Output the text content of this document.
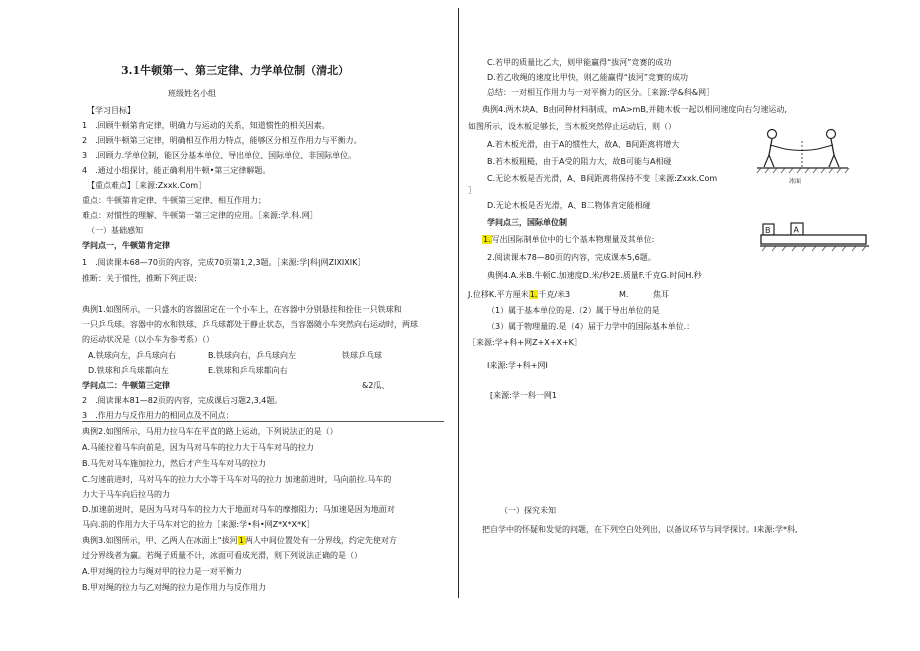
3.1牛顿第一、第三定律、力学单位制（清北）
班级姓名小组
【学习目标】
1　.回顾牛顿第肯定律，明确力与运动的关系，知道惯性的相关因素。
2　.回顾牛顿第三定律，明确相互作用力特点，能够区分相互作用力与平衡力。
3　.回顾力.学单位制，能区分基本单位、导出单位、国际单位、非国际单位。
4　.通过小组探讨，能正确利用牛顿•第三定律解题。
【重点难点】［来源:Zxxk.Com］
重点：牛顿第肯定律、牛顿第三定律、相互作用力；
难点：对惯性的理解、牛顿第一第三定律的应用。［来源:学.科.网］
（一）基础感知
学问点一，牛顿第肯定律
1　.阅读课本68—70页的内容，完成70页第1,2,3题。［来源:学|科|网ZIXIXIK］
推断：关于惯性，推断下列正误:
典例1.如图所示，一只盛水的容器固定在一个小车上，在容器中分别悬挂和拴住一只铁球和
一只乒乓球。容器中的水和铁球、乒乓球都处于静止状态，当容器随小车突然向右运动时，两球
的运动状况是（以小车为参考系）（）
A.铁球向左，乒乓球向右	B.铁球向右，乒乓球向左	铁球乒乓球
D.铁球和乒乓球都向左	E.铁球和乒乓球都向右
学问点二：牛顿第三定律	&2瓜、
2　.阅读课本81—82页的内容，完成课后习题2,3,4题。
3　.作用力与反作用力的相同点及不同点：
典例2.如图所示，马用力拉马车在平直的路上运动，下列说法正的是（）
A.马能拉着马车向前是，因为马对马车的拉力大于马车对马的拉力
B.马先对马车施加拉力，然后才产生马车对马的拉力
C.匀速前进时，马对马车的拉力大小等于马车对马的拉力 加速前进时，马向前拉.马车的
力大于马车向后拉马的力
D.加速前进时，是因为马对马车的拉力大于地面对马车的摩擦阻力；马加速是因为地面对
马向.前的作用力大于马车对它的拉力［来源:学•科•网Z*X*X*K］
典例3.如图所示，甲、乙两人在冰面上“拔河1两人中间位置处有一分界线，约定先使对方
过分界线者为赢。若绳子质量不计，冰面可看成光滑，则下列说法正确的是（）
A.甲对绳的拉力与绳对甲的拉力是一对平衡力
B.甲对绳的拉力与乙对绳的拉力是作用力与反作用力
C.若甲的质量比乙大，则甲能赢得“拔河”竞赛的成功
D.若乙收绳的速度比甲快，则乙能赢得“拔河”竞赛的成功
总结：一对相互作用力与一对平衡力的区分。［来源:学&科&网］
典例4.两木块A、B由同种材料制成，mA>mB,并随木板一起以相同速度向右匀速运动,
如图所示，设木板足够长，当木板突然停止运动后，则（）
A.若木板光滑，由于A的惯性大，故A、B间距离将增大
B.若木板粗糙，由于A受的阻力大，故B可能与A相碰
C.无论木板是否光滑，A、B间距离将保持不变［来源:Zxxk.Com
］
D.无论木板是否光滑，A、B二物体肯定能相碰
学问点三，国际单位制
1.写出国际制单位中的七个基本物理量及其单位:
2.阅读课本78—80页的内容，完成课本5,6题。
典例4.A.米B.牛顿C.加速度D.米/秒2E.质量F.千克G.时间H.秒
J.位移K.平方厘米1.千克/米3	M.	焦耳
（1）属于基本单位的是.（2）属于导出单位的是
（3）属于物理量的.是（4）届于力学中的国际基本单位.：
［来源:学+科+网Z+X+X+K］
I来源:学+科+网I
[来源:学一科一网1
（一）探究未知
把自学中的怀疑和发觉的问题，在下列空白处列出，以备议环节与同学探讨。I来源:学*科,
冰面
B	A
